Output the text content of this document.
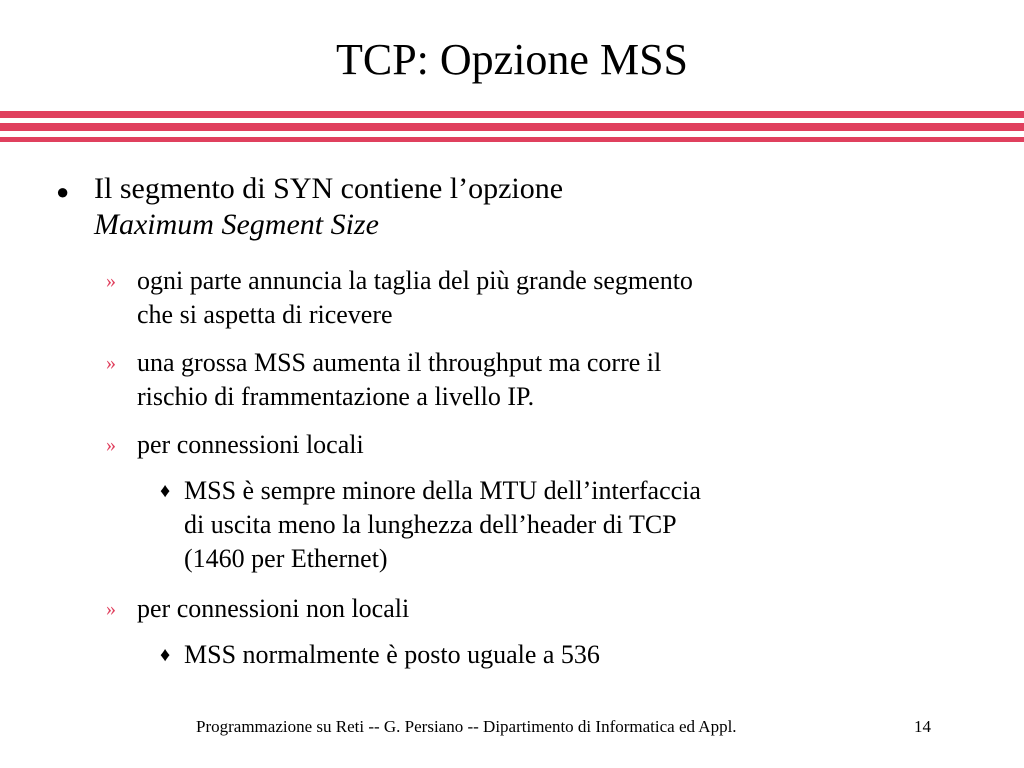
TCP: Opzione MSS
● Il segmento di SYN contiene l’opzione
Maximum Segment Size
» ogni parte annuncia la taglia del più grande segmento
che si aspetta di ricevere
» una grossa MSS aumenta il throughput ma corre il
rischio di frammentazione a livello IP.
» per connessioni locali
♦ MSS è sempre minore della MTU dell’interfaccia
di uscita meno la lunghezza dell’header di TCP
(1460 per Ethernet)
» per connessioni non locali
♦ MSS normalmente è posto uguale a 536
Programmazione su Reti -- G. Persiano -- Dipartimento di Informatica ed Appl.	14
